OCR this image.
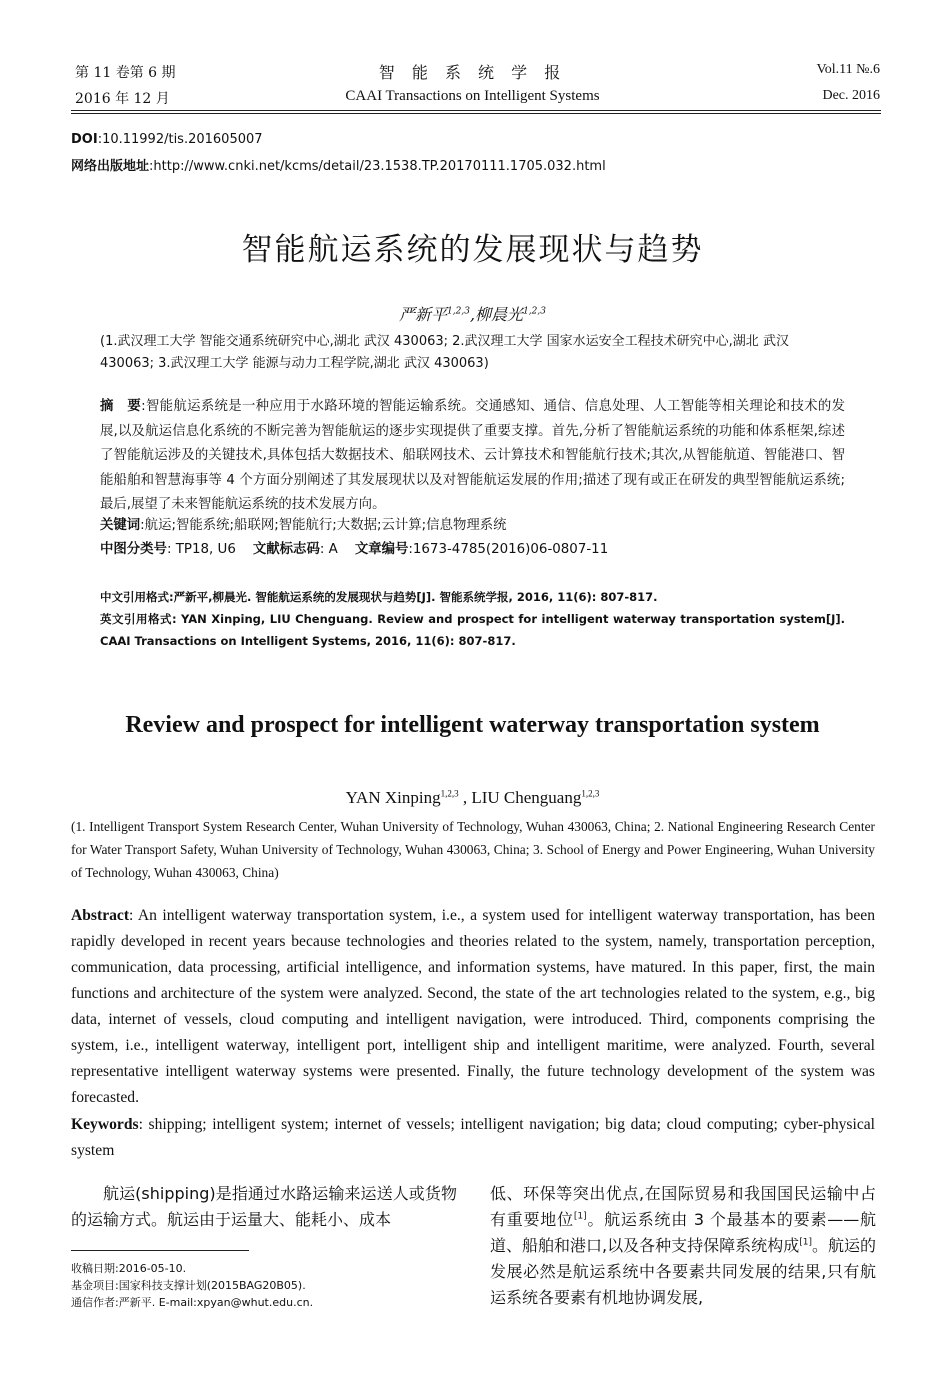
第 11 卷第 6 期
2016 年 12 月
智 能 系 统 学 报
CAAI Transactions on Intelligent Systems
Vol.11 №.6
Dec. 2016
DOI:10.11992/tis.201605007
网络出版地址:http://www.cnki.net/kcms/detail/23.1538.TP.20170111.1705.032.html
智能航运系统的发展现状与趋势
严新平$^{1,2,3}$,柳晨光$^{1,2,3}$
(1.武汉理工大学 智能交通系统研究中心,湖北 武汉 430063; 2.武汉理工大学 国家水运安全工程技术研究中心,湖北 武汉 430063; 3.武汉理工大学 能源与动力工程学院,湖北 武汉 430063)
摘　要:智能航运系统是一种应用于水路环境的智能运输系统。交通感知、通信、信息处理、人工智能等相关理论和技术的发展,以及航运信息化系统的不断完善为智能航运的逐步实现提供了重要支撑。首先,分析了智能航运系统的功能和体系框架,综述了智能航运涉及的关键技术,具体包括大数据技术、船联网技术、云计算技术和智能航行技术;其次,从智能航道、智能港口、智能船舶和智慧海事等 4 个方面分别阐述了其发展现状以及对智能航运发展的作用;描述了现有或正在研发的典型智能航运系统;最后,展望了未来智能航运系统的技术发展方向。
关键词:航运;智能系统;船联网;智能航行;大数据;云计算;信息物理系统
中图分类号: TP18, U6 文献标志码: A 文章编号:1673-4785(2016)06-0807-11
中文引用格式:严新平,柳晨光. 智能航运系统的发展现状与趋势[J]. 智能系统学报, 2016, 11(6): 807-817.
英文引用格式: YAN Xinping, LIU Chenguang. Review and prospect for intelligent waterway transportation system[J]. CAAI Transactions on Intelligent Systems, 2016, 11(6): 807-817.
Review and prospect for intelligent waterway transportation system
YAN Xinping$^{1,2,3}$ , LIU Chenguang$^{1,2,3}$
(1. Intelligent Transport System Research Center, Wuhan University of Technology, Wuhan 430063, China; 2. National Engineering Research Center for Water Transport Safety, Wuhan University of Technology, Wuhan 430063, China; 3. School of Energy and Power Engineering, Wuhan University of Technology, Wuhan 430063, China)
Abstract: An intelligent waterway transportation system, i.e., a system used for intelligent waterway transportation, has been rapidly developed in recent years because technologies and theories related to the system, namely, transportation perception, communication, data processing, artificial intelligence, and information systems, have matured. In this paper, first, the main functions and architecture of the system were analyzed. Second, the state of the art technologies related to the system, e.g., big data, internet of vessels, cloud computing and intelligent navigation, were introduced. Third, components comprising the system, i.e., intelligent waterway, intelligent port, intelligent ship and intelligent maritime, were analyzed. Fourth, several representative intelligent waterway systems were presented. Finally, the future technology development of the system was forecasted.
Keywords: shipping; intelligent system; internet of vessels; intelligent navigation; big data; cloud computing; cyber-physical system
航运(shipping)是指通过水路运输来运送人或货物的运输方式。航运由于运量大、能耗小、成本
低、环保等突出优点,在国际贸易和我国国民运输中占有重要地位[1]。航运系统由 3 个最基本的要素——航道、船舶和港口,以及各种支持保障系统构成[1]。航运的发展必然是航运系统中各要素共同发展的结果,只有航运系统各要素有机地协调发展,
收稿日期:2016-05-10.
基金项目:国家科技支撑计划(2015BAG20B05).
通信作者:严新平. E-mail:xpyan@whut.edu.cn.
